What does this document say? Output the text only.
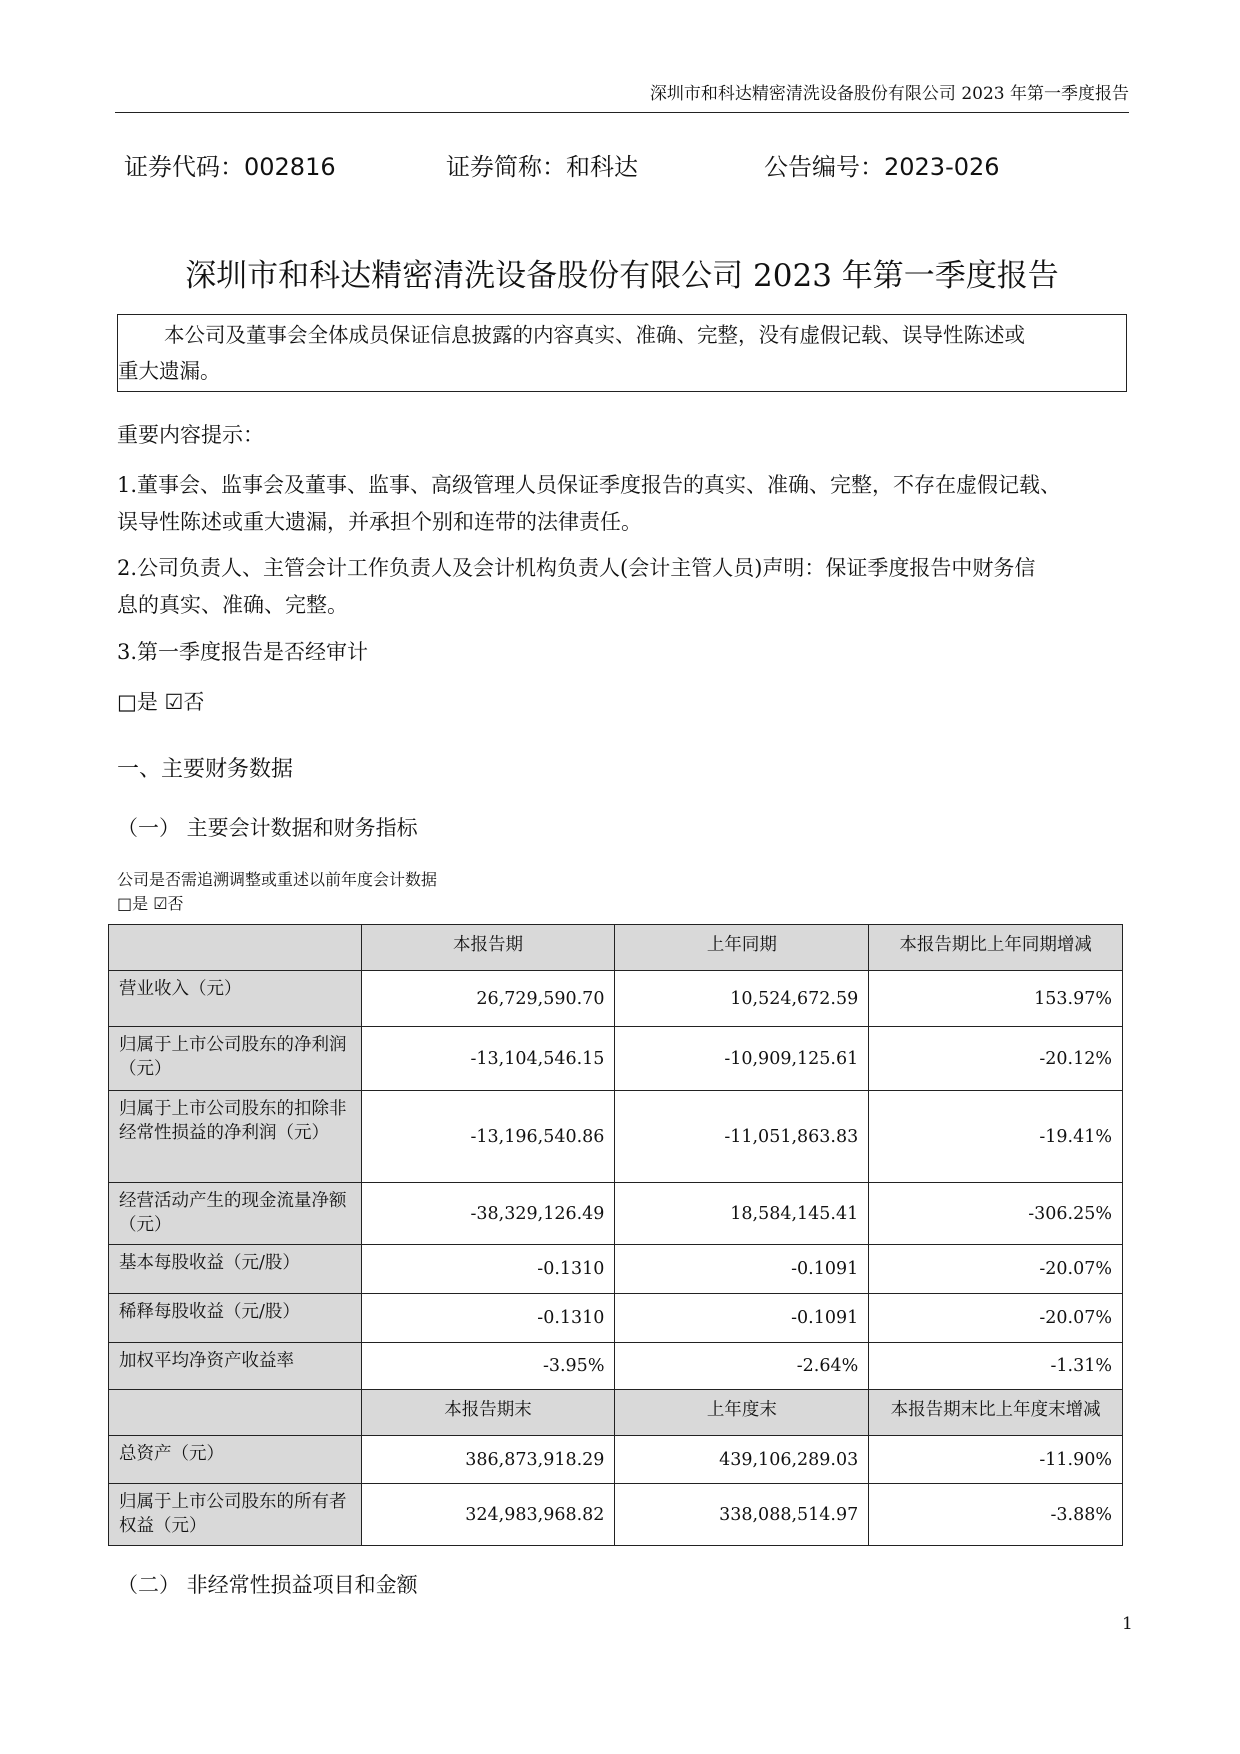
深圳市和科达精密清洗设备股份有限公司 2023 年第一季度报告
证券代码：002816	证券简称：和科达	公告编号：2023-026
深圳市和科达精密清洗设备股份有限公司 2023 年第一季度报告
本公司及董事会全体成员保证信息披露的内容真实、准确、完整，没有虚假记载、误导性陈述或
重大遗漏。
重要内容提示：
1.董事会、监事会及董事、监事、高级管理人员保证季度报告的真实、准确、完整，不存在虚假记载、
误导性陈述或重大遗漏，并承担个别和连带的法律责任。
2.公司负责人、主管会计工作负责人及会计机构负责人(会计主管人员)声明：保证季度报告中财务信
息的真实、准确、完整。
3.第一季度报告是否经审计
□是 ☑否
一、主要财务数据
（一） 主要会计数据和财务指标
公司是否需追溯调整或重述以前年度会计数据
□是 ☑否
	本报告期	上年同期	本报告期比上年同期增减
营业收入（元）	26,729,590.70	10,524,672.59	153.97%
归属于上市公司股东的净利润（元）	-13,104,546.15	-10,909,125.61	-20.12%
归属于上市公司股东的扣除非经常性损益的净利润（元）	-13,196,540.86	-11,051,863.83	-19.41%
经营活动产生的现金流量净额（元）	-38,329,126.49	18,584,145.41	-306.25%
基本每股收益（元/股）	-0.1310	-0.1091	-20.07%
稀释每股收益（元/股）	-0.1310	-0.1091	-20.07%
加权平均净资产收益率	-3.95%	-2.64%	-1.31%
	本报告期末	上年度末	本报告期末比上年度末增减
总资产（元）	386,873,918.29	439,106,289.03	-11.90%
归属于上市公司股东的所有者权益（元）	324,983,968.82	338,088,514.97	-3.88%
（二） 非经常性损益项目和金额
1
